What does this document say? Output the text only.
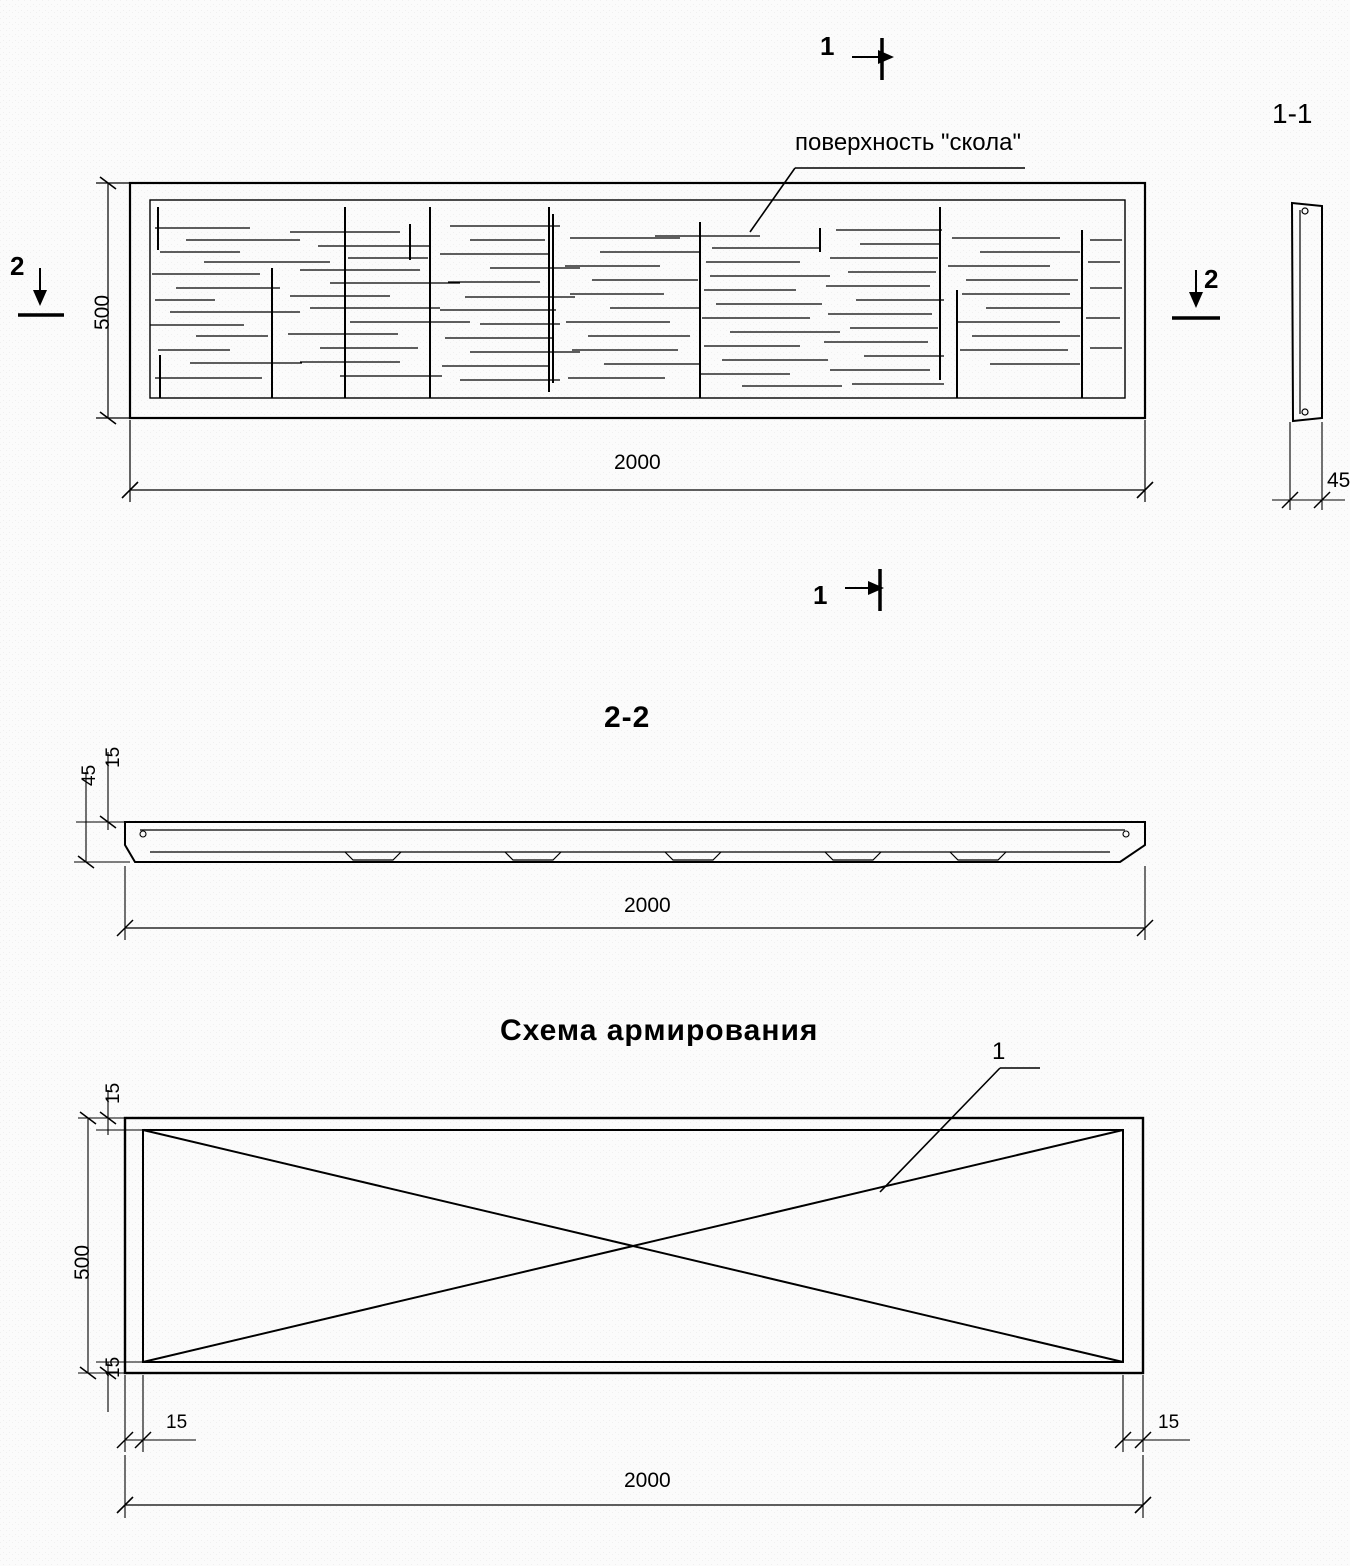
1
1
2	2
поверхность "скола"
1-1
2-2
Схема армирования
500
2000
45
15
45
2000
1
15
500
15
15	15
2000
